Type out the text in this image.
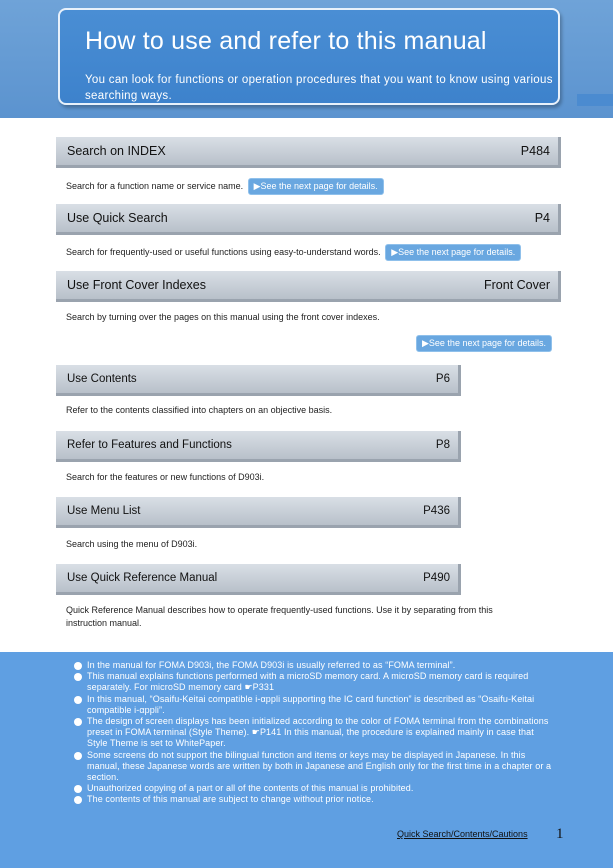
How to use and refer to this manual

You can look for functions or operation procedures that you want to know using various searching ways.

Search on INDEX	P484
Search for a function name or service name. ▶See the next page for details.
Use Quick Search	P4
Search for frequently-used or useful functions using easy-to-understand words. ▶See the next page for details.
Use Front Cover Indexes	Front Cover
Search by turning over the pages on this manual using the front cover indexes.
▶See the next page for details.
Use Contents	P6
Refer to the contents classified into chapters on an objective basis.
Refer to Features and Functions	P8
Search for the features or new functions of D903i.
Use Menu List	P436
Search using the menu of D903i.
Use Quick Reference Manual	P490
Quick Reference Manual describes how to operate frequently-used functions. Use it by separating from this instruction manual.
In the manual for FOMA D903i, the FOMA D903i is usually referred to as “FOMA terminal”.
This manual explains functions performed with a microSD memory card. A microSD memory card is required separately. For microSD memory card ☛P331
In this manual, “Osaifu-Keitai compatible i-αppli supporting the IC card function” is described as “Osaifu-Keitai compatible i-αppli”.
The design of screen displays has been initialized according to the color of FOMA terminal from the combinations preset in FOMA terminal (Style Theme). ☛P141 In this manual, the procedure is explained mainly in case that Style Theme is set to WhitePaper.
Some screens do not support the bilingual function and items or keys may be displayed in Japanese. In this manual, these Japanese words are written by both in Japanese and English only for the first time in a chapter or a section.
Unauthorized copying of a part or all of the contents of this manual is prohibited.
The contents of this manual are subject to change without prior notice.
Quick Search/Contents/Cautions 1
